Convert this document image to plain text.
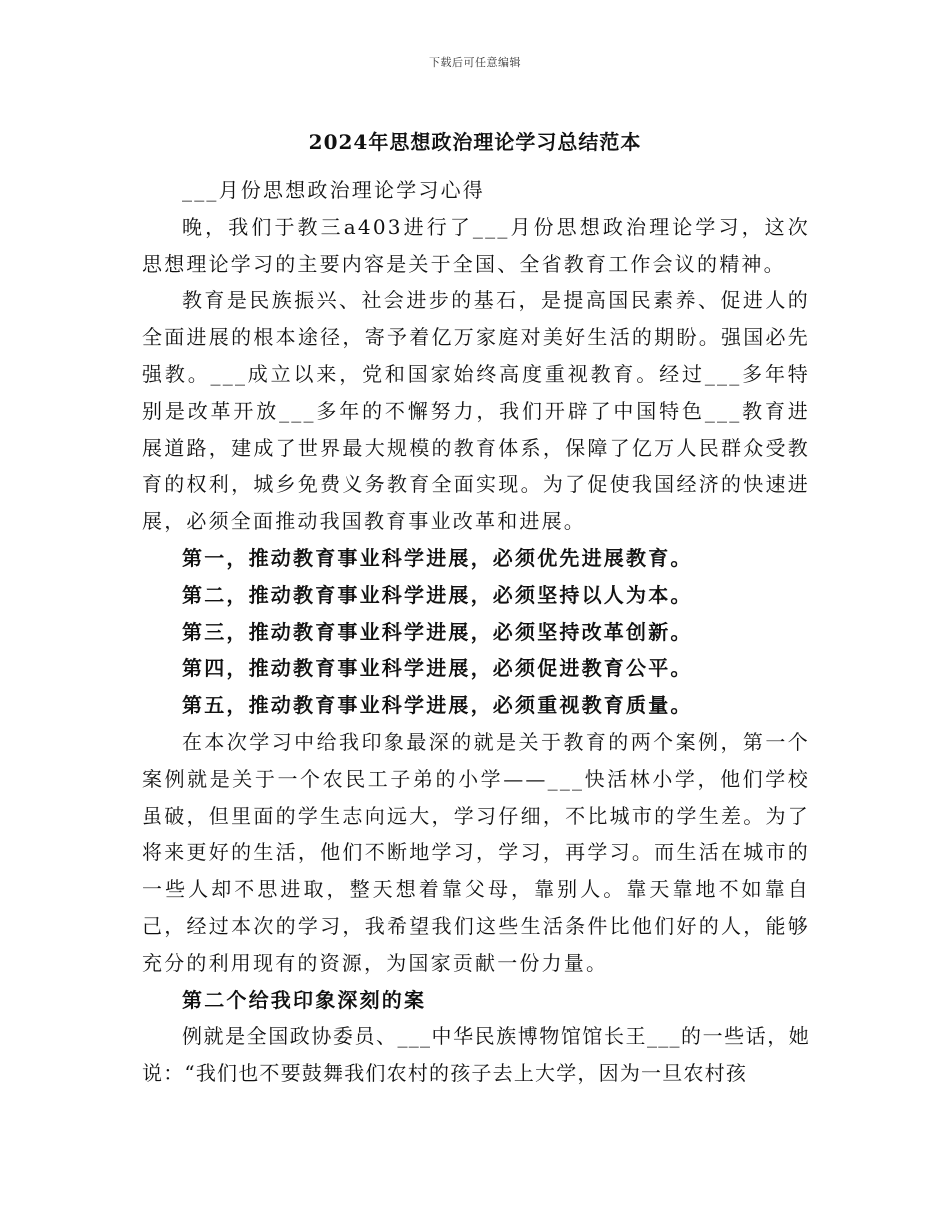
下载后可任意编辑
2024年思想政治理论学习总结范本

___月份思想政治理论学习心得

晚，我们于教三a403进行了___月份思想政治理论学习，这次思想理论学习的主要内容是关于全国、全省教育工作会议的精神。

教育是民族振兴、社会进步的基石，是提高国民素养、促进人的全面进展的根本途径，寄予着亿万家庭对美好生活的期盼。强国必先强教。___成立以来，党和国家始终高度重视教育。经过___多年特别是改革开放___多年的不懈努力，我们开辟了中国特色___教育进展道路，建成了世界最大规模的教育体系，保障了亿万人民群众受教育的权利，城乡免费义务教育全面实现。为了促使我国经济的快速进展，必须全面推动我国教育事业改革和进展。

第一，推动教育事业科学进展，必须优先进展教育。

第二，推动教育事业科学进展，必须坚持以人为本。

第三，推动教育事业科学进展，必须坚持改革创新。

第四，推动教育事业科学进展，必须促进教育公平。

第五，推动教育事业科学进展，必须重视教育质量。

在本次学习中给我印象最深的就是关于教育的两个案例，第一个案例就是关于一个农民工子弟的小学——___快活林小学，他们学校虽破，但里面的学生志向远大，学习仔细，不比城市的学生差。为了将来更好的生活，他们不断地学习，学习，再学习。而生活在城市的一些人却不思进取，整天想着靠父母，靠别人。靠天靠地不如靠自己，经过本次的学习，我希望我们这些生活条件比他们好的人，能够充分的利用现有的资源，为国家贡献一份力量。

第二个给我印象深刻的案

例就是全国政协委员、___中华民族博物馆馆长王___的一些话，她说：“我们也不要鼓舞我们农村的孩子去上大学，因为一旦农村孩
